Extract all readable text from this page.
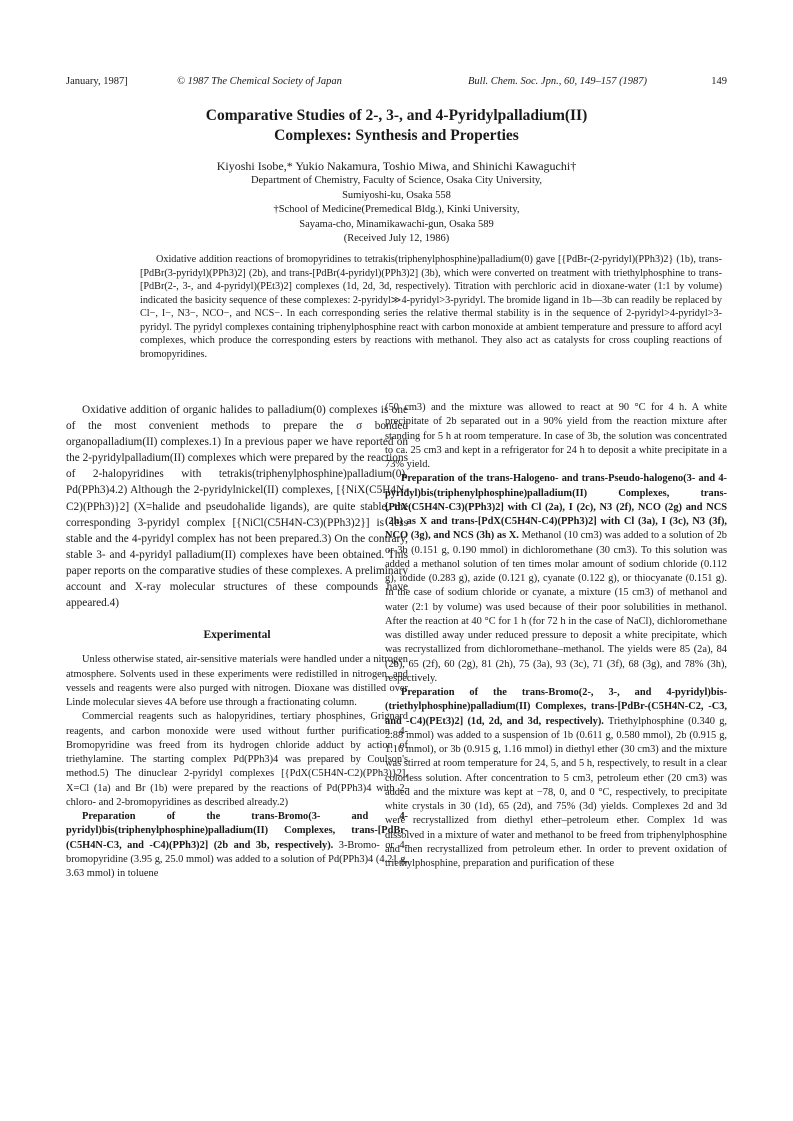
January, 1987]	© 1987 The Chemical Society of Japan	Bull. Chem. Soc. Jpn., 60, 149–157 (1987)	149
Comparative Studies of 2-, 3-, and 4-Pyridylpalladium(II)
Complexes: Synthesis and Properties
Kiyoshi Isobe,* Yukio Nakamura, Toshio Miwa, and Shinichi Kawaguchi†
Department of Chemistry, Faculty of Science, Osaka City University,
Sumiyoshi-ku, Osaka 558
†School of Medicine(Premedical Bldg.), Kinki University,
Sayama-cho, Minamikawachi-gun, Osaka 589
(Received July 12, 1986)
Oxidative addition reactions of bromopyridines to tetrakis(triphenylphosphine)palladium(0) gave [{PdBr-(2-pyridyl)(PPh3)2} (1b), trans-[PdBr(3-pyridyl)(PPh3)2] (2b), and trans-[PdBr(4-pyridyl)(PPh3)2] (3b), which were converted on treatment with triethylphosphine to trans-[PdBr(2-, 3-, and 4-pyridyl)(PEt3)2] complexes (1d, 2d, 3d, respectively). Titration with perchloric acid in dioxane-water (1:1 by volume) indicated the basicity sequence of these complexes: 2-pyridyl≫4-pyridyl>3-pyridyl. The bromide ligand in 1b—3b can readily be replaced by Cl−, I−, N3−, NCO−, and NCS−. In each corresponding series the relative thermal stability is in the sequence of 2-pyridyl>4-pyridyl>3-pyridyl. The pyridyl complexes containing triphenylphosphine react with carbon monoxide at ambient temperature and pressure to afford acyl complexes, which produce the corresponding esters by reactions with methanol. They also act as catalysts for cross coupling reactions of bromopyridines.

Oxidative addition of organic halides to palladium(0) complexes is one of the most convenient methods to prepare the σ bonded organopalladium(II) complexes.1) In a previous paper we have reported on the 2-pyridylpalladium(II) complexes which were prepared by the reactions of 2-halopyridines with tetrakis(triphenylphosphine)palladium(0), Pd(PPh3)4.2) Although the 2-pyridylnickel(II) complexes, [{NiX(C5H4N-C2)(PPh3)}2] (X=halide and pseudohalide ligands), are quite stable, the corresponding 3-pyridyl complex [{NiCl(C5H4N-C3)(PPh3)2}] is less stable and the 4-pyridyl complex has not been prepared.3) On the contrary, stable 3- and 4-pyridyl palladium(II) complexes have been obtained. This paper reports on the comparative studies of these complexes. A preliminary account and X-ray molecular structures of these compounds have appeared.4)

Experimental

Unless otherwise stated, air-sensitive materials were handled under a nitrogen atmosphere. Solvents used in these experiments were redistilled in nitrogen, and vessels and reagents were also purged with nitrogen. Dioxane was distilled over Linde molecular sieves 4A before use through a fractionating column.

Commercial reagents such as halopyridines, tertiary phosphines, Grignard reagents, and carbon monoxide were used without further purification. 4-Bromopyridine was freed from its hydrogen chloride adduct by action of triethylamine. The starting complex Pd(PPh3)4 was prepared by Coulson's method.5) The dinuclear 2-pyridyl complexes [{PdX(C5H4N-C2)(PPh3)}2], X=Cl (1a) and Br (1b) were prepared by the reactions of Pd(PPh3)4 with 2-chloro- and 2-bromopyridines as described already.2)

Preparation of the trans-Bromo(3- and 4-pyridyl)bis(triphenylphosphine)palladium(II) Complexes, trans-[PdBr-(C5H4N-C3, and -C4)(PPh3)2] (2b and 3b, respectively). 3-Bromo- or 4-bromopyridine (3.95 g, 25.0 mmol) was added to a solution of Pd(PPh3)4 (4.21 g, 3.63 mmol) in toluene

(50 cm3) and the mixture was allowed to react at 90 °C for 4 h. A white precipitate of 2b separated out in a 90% yield from the reaction mixture after standing for 5 h at room temperature. In case of 3b, the solution was concentrated to ca. 25 cm3 and kept in a refrigerator for 24 h to deposit a white precipitate in a 73% yield.

Preparation of the trans-Halogeno- and trans-Pseudo-halogeno(3- and 4-pyridyl)bis(triphenylphosphine)palladium(II) Complexes, trans-[PdX(C5H4N-C3)(PPh3)2] with Cl (2a), I (2c), N3 (2f), NCO (2g) and NCS (2h) as X and trans-[PdX(C5H4N-C4)(PPh3)2] with Cl (3a), I (3c), N3 (3f), NCO (3g), and NCS (3h) as X. Methanol (10 cm3) was added to a solution of 2b or 3b (0.151 g, 0.190 mmol) in dichloromethane (30 cm3). To this solution was added a methanol solution of ten times molar amount of sodium chloride (0.112 g), iodide (0.283 g), azide (0.121 g), cyanate (0.122 g), or thiocyanate (0.151 g). In the case of sodium chloride or cyanate, a mixture (15 cm3) of methanol and water (2:1 by volume) was used because of their poor solubilities in methanol. After the reaction at 40 °C for 1 h (for 72 h in the case of NaCl), dichloromethane was distilled away under reduced pressure to deposit a white precipitate, which was recrystallized from dichloromethane–methanol. The yields were 85 (2a), 84 (2b), 65 (2f), 60 (2g), 81 (2h), 75 (3a), 93 (3c), 71 (3f), 68 (3g), and 78% (3h), respectively.

Preparation of the trans-Bromo(2-, 3-, and 4-pyridyl)bis-(triethylphosphine)palladium(II) Complexes, trans-[PdBr-(C5H4N-C2, -C3, and -C4)(PEt3)2] (1d, 2d, and 3d, respectively). Triethylphosphine (0.340 g, 2.88 mmol) was added to a suspension of 1b (0.611 g, 0.580 mmol), 2b (0.915 g, 1.16 mmol), or 3b (0.915 g, 1.16 mmol) in diethyl ether (30 cm3) and the mixture was stirred at room temperature for 24, 5, and 5 h, respectively, to result in a clear colorless solution. After concentration to 5 cm3, petroleum ether (20 cm3) was added and the mixture was kept at −78, 0, and 0 °C, respectively, to precipitate white crystals in 30 (1d), 65 (2d), and 75% (3d) yields. Complexes 2d and 3d were recrystallized from diethyl ether–petroleum ether. Complex 1d was dissolved in a mixture of water and methanol to be freed from triphenylphosphine and then recrystallized from petroleum ether. In order to prevent oxidation of triethylphosphine, preparation and purification of these
